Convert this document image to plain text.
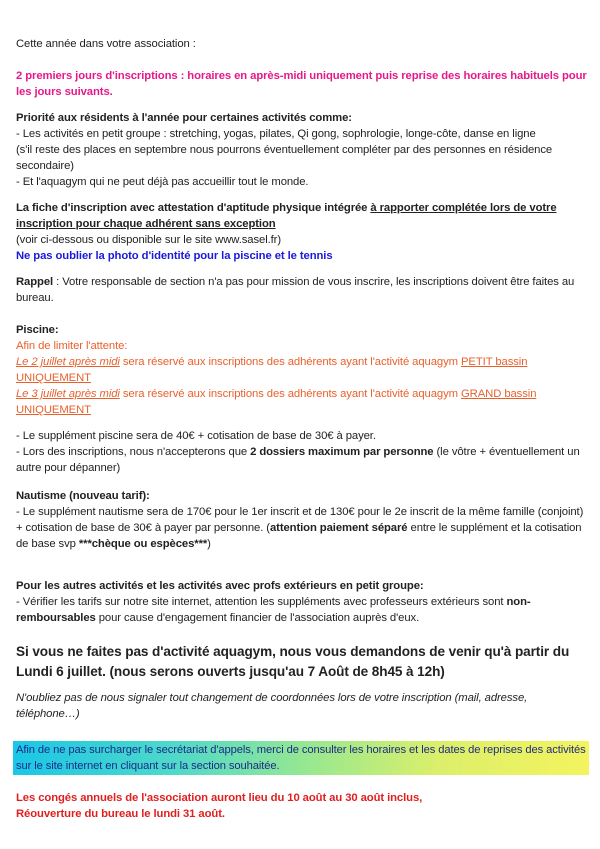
Cette année dans votre association :
2 premiers jours d'inscriptions : horaires en après-midi uniquement puis reprise des horaires habituels pour les jours suivants.
Priorité aux résidents à l'année pour certaines activités comme:
- Les activités en petit groupe : stretching, yogas, pilates, Qi gong, sophrologie, longe-côte, danse en ligne
(s'il reste des places en septembre nous pourrons éventuellement compléter par des personnes en résidence secondaire)
- Et l'aquagym qui ne peut déjà pas accueillir tout le monde.
La fiche d'inscription avec attestation d'aptitude physique intégrée à rapporter complétée lors de votre inscription pour chaque adhérent sans exception
(voir ci-dessous ou disponible sur le site www.sasel.fr)
Ne pas oublier la photo d'identité pour la piscine et le tennis
Rappel : Votre responsable de section n'a pas pour mission de vous inscrire, les inscriptions doivent être faites au bureau.
Piscine:
Afin de limiter l'attente:
Le 2 juillet après midi sera réservé aux inscriptions des adhérents ayant l'activité aquagym PETIT bassin UNIQUEMENT
Le 3 juillet après midi sera réservé aux inscriptions des adhérents ayant l'activité aquagym GRAND bassin UNIQUEMENT
- Le supplément piscine sera de 40€ + cotisation de base de 30€ à payer.
- Lors des inscriptions, nous n'accepterons que 2 dossiers maximum par personne (le vôtre + éventuellement un autre pour dépanner)
Nautisme (nouveau tarif):
- Le supplément nautisme sera de 170€ pour le 1er inscrit et de 130€ pour le 2e inscrit de la même famille (conjoint) + cotisation de base de 30€ à payer par personne. (attention paiement séparé entre le supplément et la cotisation de base svp ***chèque ou espèces***)
Pour les autres activités et les activités avec profs extérieurs en petit groupe:
- Vérifier les tarifs sur notre site internet, attention les suppléments avec professeurs extérieurs sont non-remboursables pour cause d'engagement financier de l'association auprès d'eux.
Si vous ne faites pas d'activité aquagym, nous vous demandons de venir qu'à partir du Lundi 6 juillet. (nous serons ouverts jusqu'au 7 Août de 8h45 à 12h)
N'oubliez pas de nous signaler tout changement de coordonnées lors de votre inscription (mail, adresse, téléphone…)
Afin de ne pas surcharger le secrétariat d'appels, merci de consulter les horaires et les dates de reprises des activités sur le site internet en cliquant sur la section souhaitée.
Les congés annuels de l'association auront lieu du 10 août au 30 août inclus,
Réouverture du bureau le lundi 31 août.
